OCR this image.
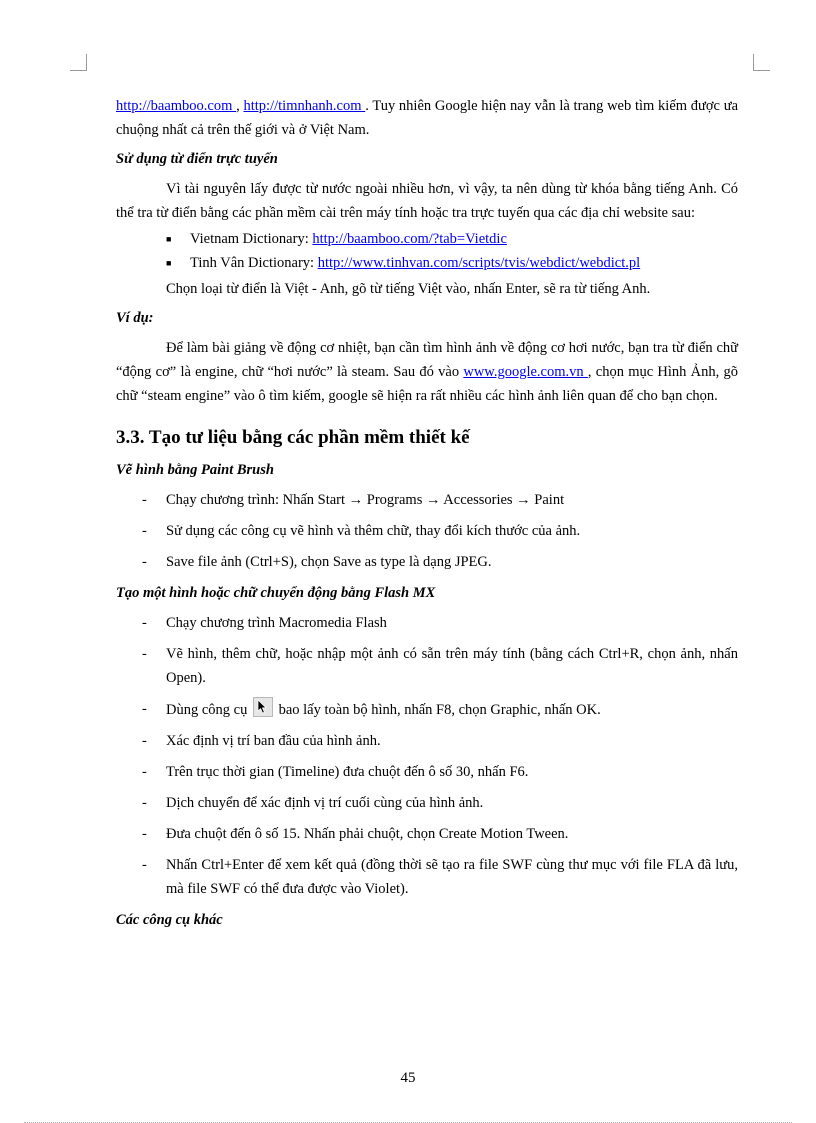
http://baamboo.com , http://timnhanh.com . Tuy nhiên Google hiện nay vẫn là trang web tìm kiếm được ưa chuộng nhất cả trên thế giới và ở Việt Nam.

Sử dụng từ điển trực tuyến

Vì tài nguyên lấy được từ nước ngoài nhiều hơn, vì vậy, ta nên dùng từ khóa bằng tiếng Anh. Có thể tra từ điển bằng các phần mềm cài trên máy tính hoặc tra trực tuyến qua các địa chỉ website sau:

■ Vietnam Dictionary: http://baamboo.com/?tab=Vietdic
■ Tinh Vân Dictionary: http://www.tinhvan.com/scripts/tvis/webdict/webdict.pl

Chọn loại từ điển là Việt - Anh, gõ từ tiếng Việt vào, nhấn Enter, sẽ ra từ tiếng Anh.

Ví dụ:

Để làm bài giảng về động cơ nhiệt, bạn cần tìm hình ảnh về động cơ hơi nước, bạn tra từ điển chữ “động cơ” là engine, chữ “hơi nước” là steam. Sau đó vào www.google.com.vn , chọn mục Hình Ảnh, gõ chữ “steam engine” vào ô tìm kiếm, google sẽ hiện ra rất nhiều các hình ảnh liên quan để cho bạn chọn.

3.3. Tạo tư liệu bằng các phần mềm thiết kế
Vẽ hình bằng Paint Brush
- Chạy chương trình: Nhấn Start → Programs → Accessories → Paint
- Sử dụng các công cụ vẽ hình và thêm chữ, thay đổi kích thước của ảnh.
- Save file ảnh (Ctrl+S), chọn Save as type là dạng JPEG.
Tạo một hình hoặc chữ chuyển động bằng Flash MX
- Chạy chương trình Macromedia Flash
- Vẽ hình, thêm chữ, hoặc nhập một ảnh có sẵn trên máy tính (bằng cách Ctrl+R, chọn ảnh, nhấn Open).
- Dùng công cụ
bao lấy toàn bộ hình, nhấn F8, chọn Graphic, nhấn OK.
- Xác định vị trí ban đầu của hình ảnh.
- Trên trục thời gian (Timeline) đưa chuột đến ô số 30, nhấn F6.
- Dịch chuyển để xác định vị trí cuối cùng của hình ảnh.
- Đưa chuột đến ô số 15. Nhấn phải chuột, chọn Create Motion Tween.
- Nhấn Ctrl+Enter để xem kết quả (đồng thời sẽ tạo ra file SWF cùng thư mục với file FLA đã lưu, mà file SWF có thể đưa được vào Violet).
Các công cụ khác
45
